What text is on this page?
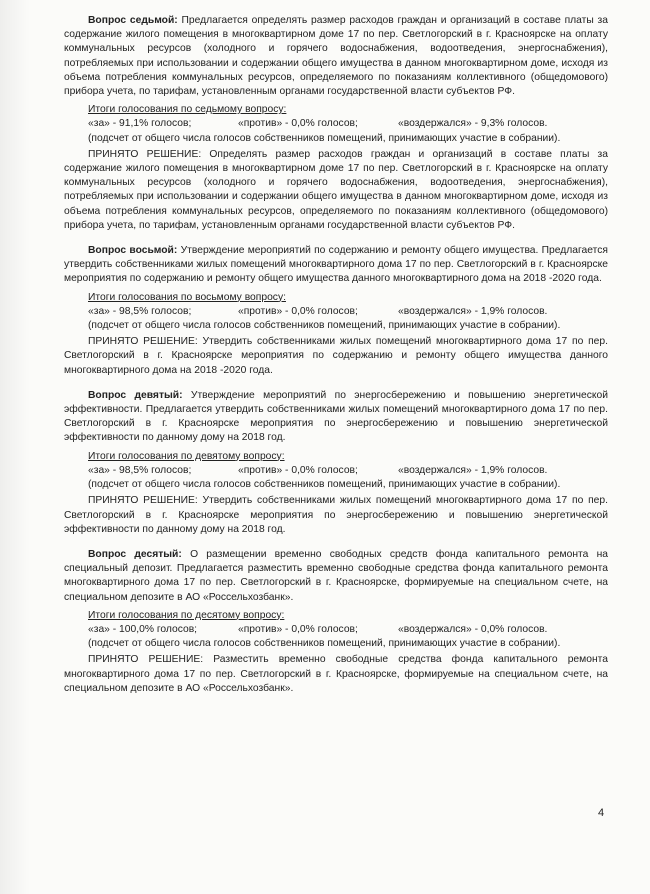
Вопрос седьмой: Предлагается определять размер расходов граждан и организаций в составе платы за содержание жилого помещения в многоквартирном доме 17 по пер. Светлогорский в г. Красноярске на оплату коммунальных ресурсов (холодного и горячего водоснабжения, водоотведения, энергоснабжения), потребляемых при использовании и содержании общего имущества в данном многоквартирном доме, исходя из объема потребления коммунальных ресурсов, определяемого по показаниям коллективного (общедомового) прибора учета, по тарифам, установленным органами государственной власти субъектов РФ.

Итоги голосования по седьмому вопросу:

«за» - 91,1% голосов;	«против» - 0,0% голосов;	«воздержался» - 9,3% голосов.

(подсчет от общего числа голосов собственников помещений, принимающих участие в собрании).

ПРИНЯТО РЕШЕНИЕ: Определять размер расходов граждан и организаций в составе платы за содержание жилого помещения в многоквартирном доме 17 по пер. Светлогорский в г. Красноярске на оплату коммунальных ресурсов (холодного и горячего водоснабжения, водоотведения, энергоснабжения), потребляемых при использовании и содержании общего имущества в данном многоквартирном доме, исходя из объема потребления коммунальных ресурсов, определяемого по показаниям коллективного (общедомового) прибора учета, по тарифам, установленным органами государственной власти субъектов РФ.

Вопрос восьмой: Утверждение мероприятий по содержанию и ремонту общего имущества. Предлагается утвердить собственниками жилых помещений многоквартирного дома 17 по пер. Светлогорский в г. Красноярске мероприятия по содержанию и ремонту общего имущества данного многоквартирного дома на 2018 -2020 года.

Итоги голосования по восьмому вопросу:

«за» - 98,5% голосов;	«против» - 0,0% голосов;	«воздержался» - 1,9% голосов.

(подсчет от общего числа голосов собственников помещений, принимающих участие в собрании).

ПРИНЯТО РЕШЕНИЕ: Утвердить собственниками жилых помещений многоквартирного дома 17 по пер. Светлогорский в г. Красноярске мероприятия по содержанию и ремонту общего имущества данного многоквартирного дома на 2018 -2020 года.

Вопрос девятый: Утверждение мероприятий по энергосбережению и повышению энергетической эффективности. Предлагается утвердить собственниками жилых помещений многоквартирного дома 17 по пер. Светлогорский в г. Красноярске мероприятия по энергосбережению и повышению энергетической эффективности по данному дому на 2018 год.

Итоги голосования по девятому вопросу:

«за» - 98,5% голосов;	«против» - 0,0% голосов;	«воздержался» - 1,9% голосов.

(подсчет от общего числа голосов собственников помещений, принимающих участие в собрании).

ПРИНЯТО РЕШЕНИЕ: Утвердить собственниками жилых помещений многоквартирного дома 17 по пер. Светлогорский в г. Красноярске мероприятия по энергосбережению и повышению энергетической эффективности по данному дому на 2018 год.

Вопрос десятый: О размещении временно свободных средств фонда капитального ремонта на специальный депозит. Предлагается разместить временно свободные средства фонда капитального ремонта многоквартирного дома 17 по пер. Светлогорский в г. Красноярске, формируемые на специальном счете, на специальном депозите в АО «Россельхозбанк».

Итоги голосования по десятому вопросу:

«за» - 100,0% голосов;	«против» - 0,0% голосов;	«воздержался» - 0,0% голосов.

(подсчет от общего числа голосов собственников помещений, принимающих участие в собрании).

ПРИНЯТО РЕШЕНИЕ: Разместить временно свободные средства фонда капитального ремонта многоквартирного дома 17 по пер. Светлогорский в г. Красноярске, формируемые на специальном счете, на специальном депозите в АО «Россельхозбанк».

4
